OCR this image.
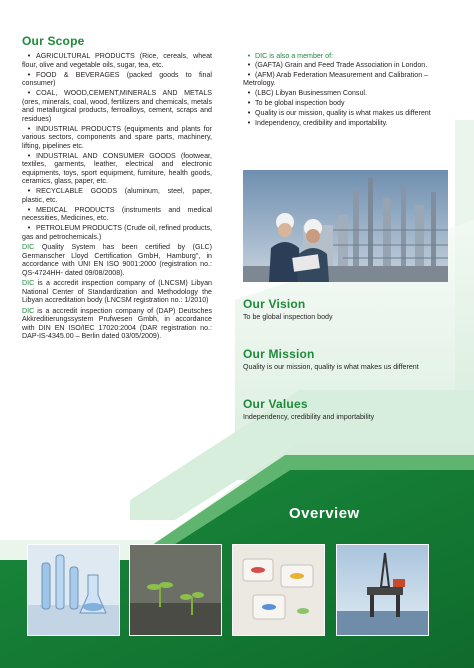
Our Scope
• AGRICULTURAL PRODUCTS (Rice, cereals, wheat flour, olive and vegetable oils, sugar, tea, etc.
• FOOD & BEVERAGES (packed goods to final consumer)
• COAL, WOOD,CEMENT,MINERALS AND METALS (ores, minerals, coal, wood, fertilizers and chemicals, metals and metallurgical products, ferroalloys, cement, scraps and residues)
• INDUSTRIAL PRODUCTS (equipments and plants for various sectors, components and spare parts, machinery, lifting, pipelines etc.
• INDUSTRIAL AND CONSUMER GOODS (footwear, textiles, garments, leather, electrical and electronic equipments, toys, sport equipment, furniture, health goods, ceramics, glass, paper, etc.
• RECYCLABLE GOODS (aluminum, steel, paper, plastic, etc.
• MEDICAL PRODUCTS (instruments and medical necessities, Medicines, etc.
• PETROLEUM PRODUCTS (Crude oil, refined products, gas and petrochemicals.)

DIC Quality System has been certified by (GLC) Germanscher Lloyd Certification GmbH, Hamburg", in accordance with UNI EN ISO 9001:2000 (registration no.: QS-4724HH- dated 09/08/2008).

DIC is a accredit inspection company of (LNCSM) Libyan National Center of Standardization and Methodology the Libyan accreditation body (LNCSM registration no.: 1/2010)

DIC is a accredit inspection company of (DAP) Deutsches Akkreditierungssystem Prufwesen Gmbh, in accordance with DIN EN ISO/IEC 17020:2004 (DAR registration no.: DAP-IS-4345.00 – Berlin dated 03/05/2009).

• DIC is also a member of:
• (GAFTA) Grain and Feed Trade Association in London.
• (AFM) Arab Federation Measurement and Calibration – Metrology.
• (LBC) Libyan Businessmen Consul.
• To be global inspection body
• Quality is our mission, quality is what makes us different
• Independency, credibility and importability.
Our Vision
To be global inspection body
Our Mission
Quality is our mission, quality is what makes us different
Our Values
Independency, credibility and importability
Overview
